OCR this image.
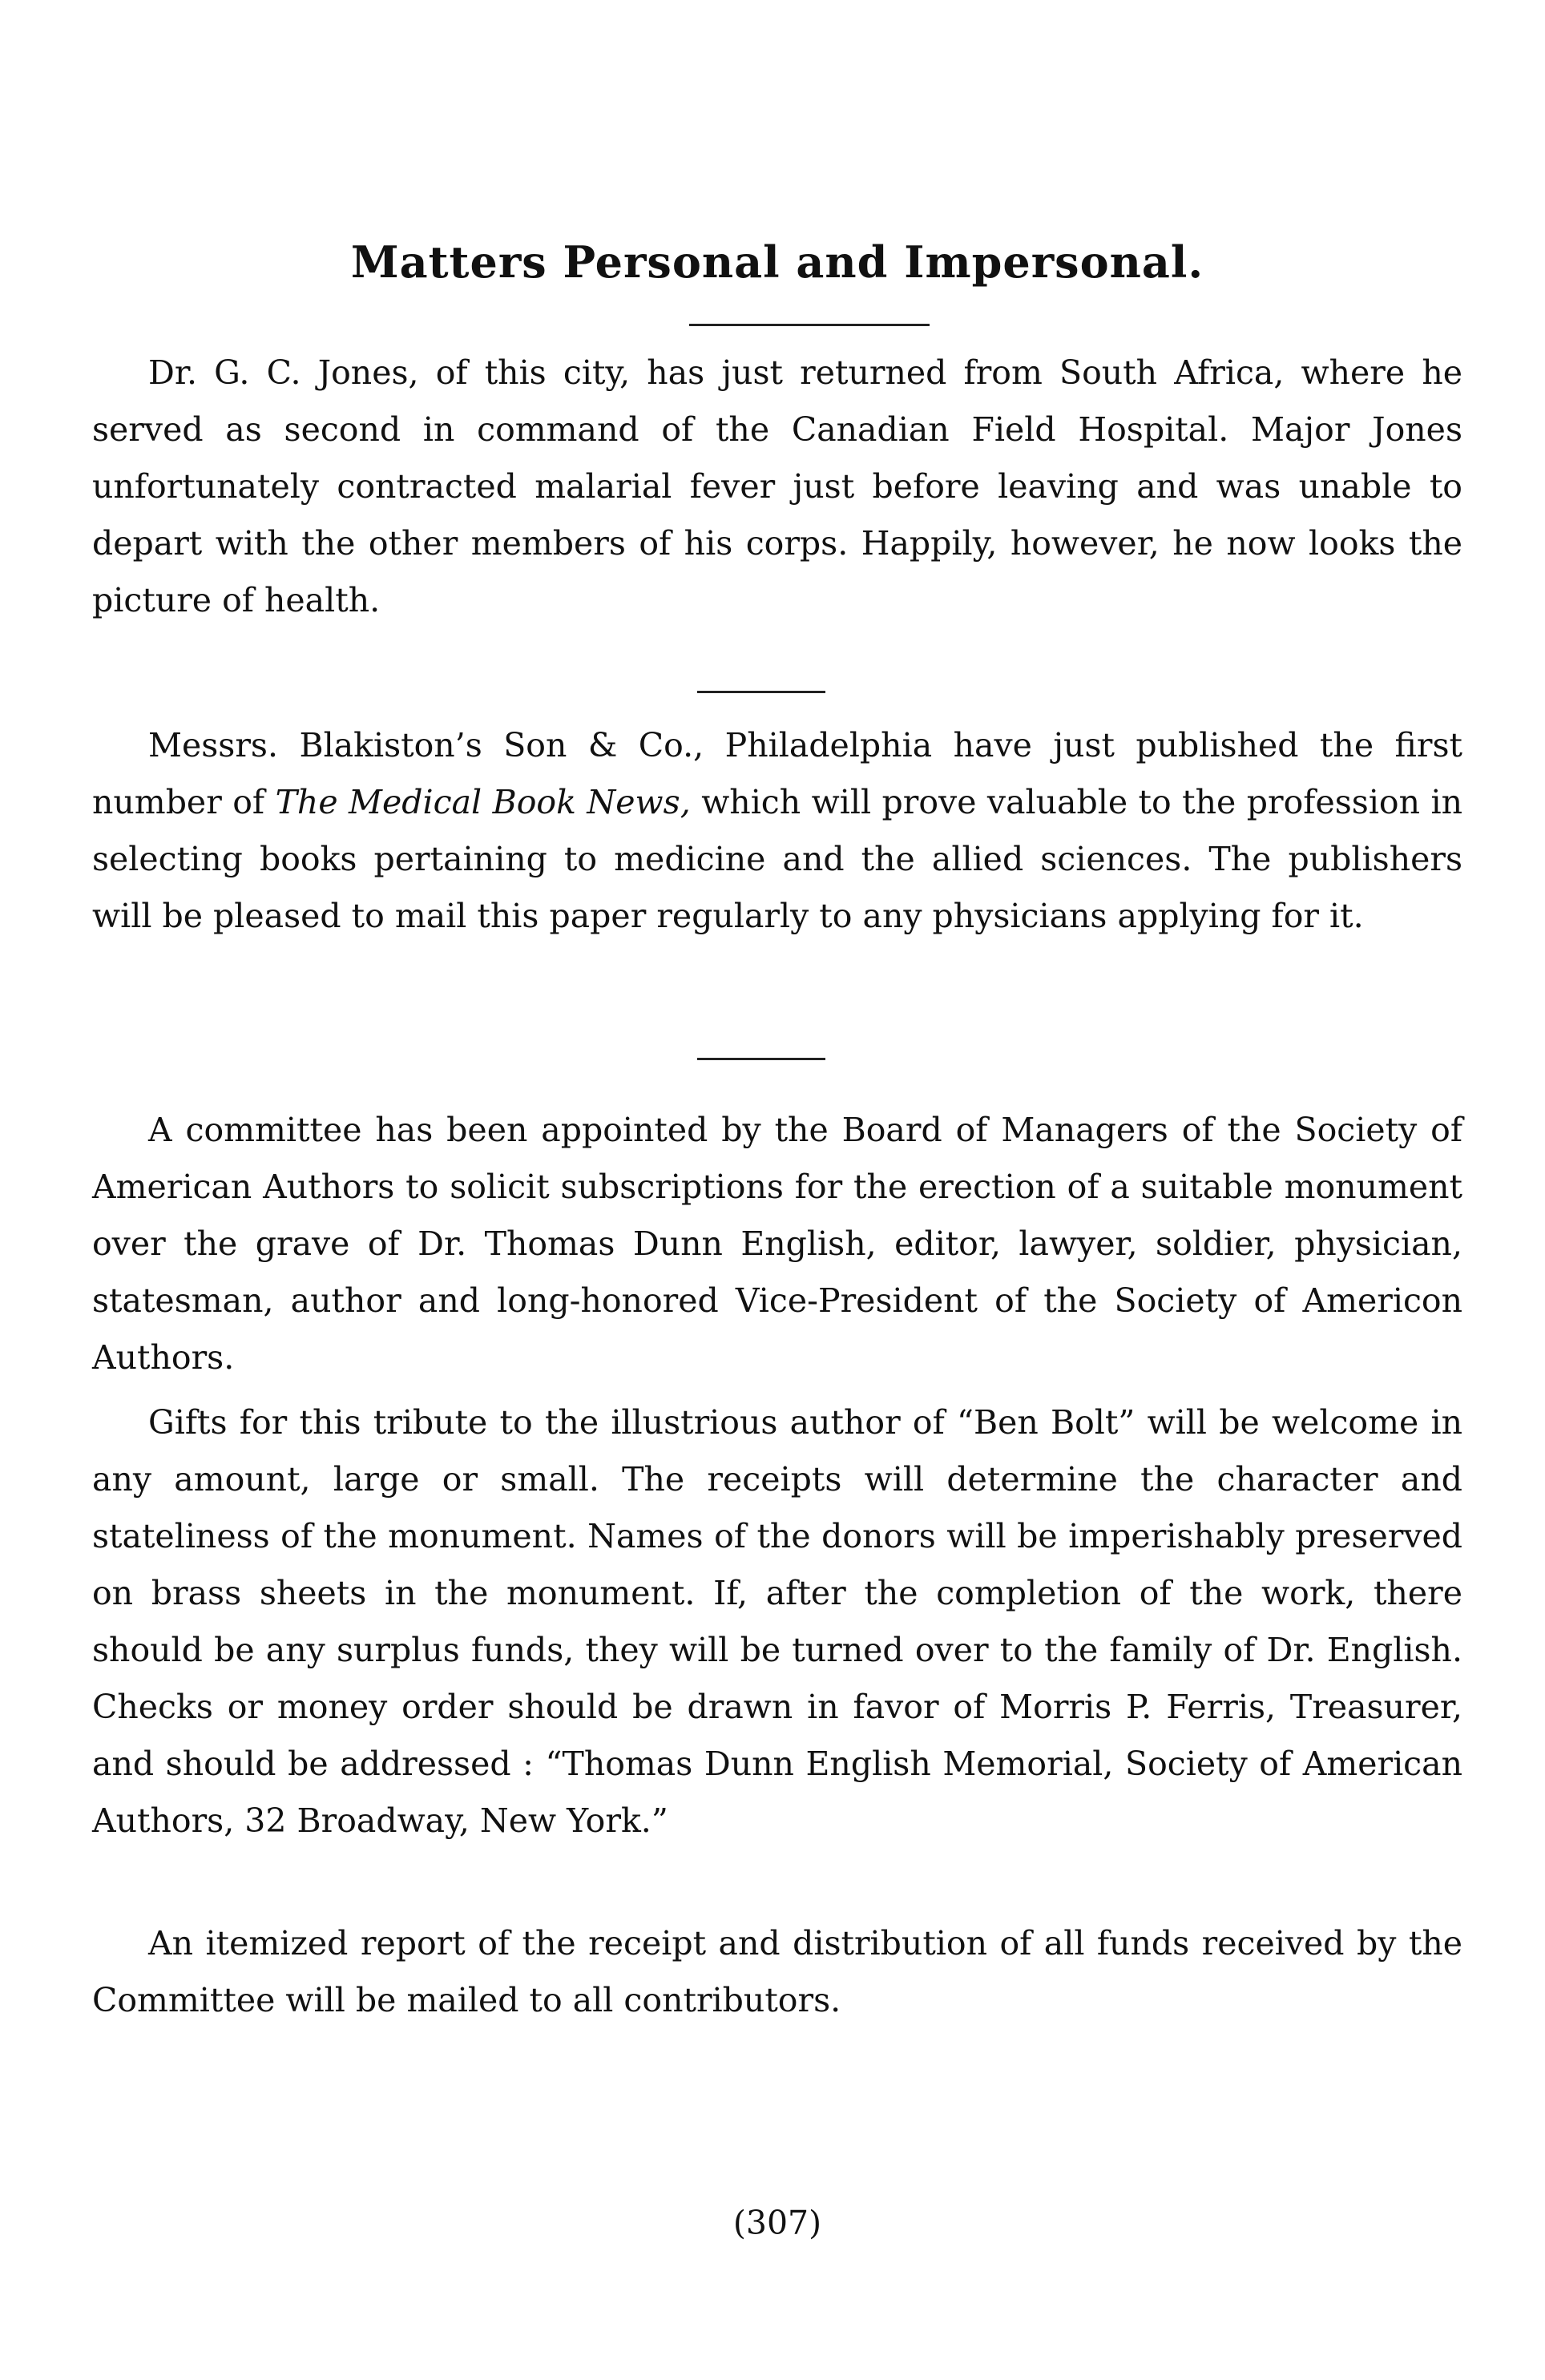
Matters Personal and Impersonal.

Dr. G. C. Jones, of this city, has just returned from South Africa, where he served as second in command of the Canadian Field Hospital. Major Jones unfortunately contracted malarial fever just before leaving and was unable to depart with the other members of his corps. Happily, however, he now looks the picture of health.

Messrs. Blakiston’s Son & Co., Philadelphia have just published the first number of The Medical Book News, which will prove valuable to the profession in selecting books pertaining to medicine and the allied sciences. The publishers will be pleased to mail this paper regularly to any physicians applying for it.

A committee has been appointed by the Board of Managers of the Society of American Authors to solicit subscriptions for the erection of a suitable monument over the grave of Dr. Thomas Dunn English, editor, lawyer, soldier, physician, statesman, author and long-honored Vice-President of the Society of Americon Authors.

Gifts for this tribute to the illustrious author of “Ben Bolt” will be welcome in any amount, large or small. The receipts will determine the character and stateliness of the monument. Names of the donors will be imperishably preserved on brass sheets in the monument. If, after the completion of the work, there should be any surplus funds, they will be turned over to the family of Dr. English. Checks or money order should be drawn in favor of Morris P. Ferris, Treasurer, and should be addressed : “Thomas Dunn English Memorial, Society of American Authors, 32 Broadway, New York.”

An itemized report of the receipt and distribution of all funds received by the Committee will be mailed to all contributors.

(307)
